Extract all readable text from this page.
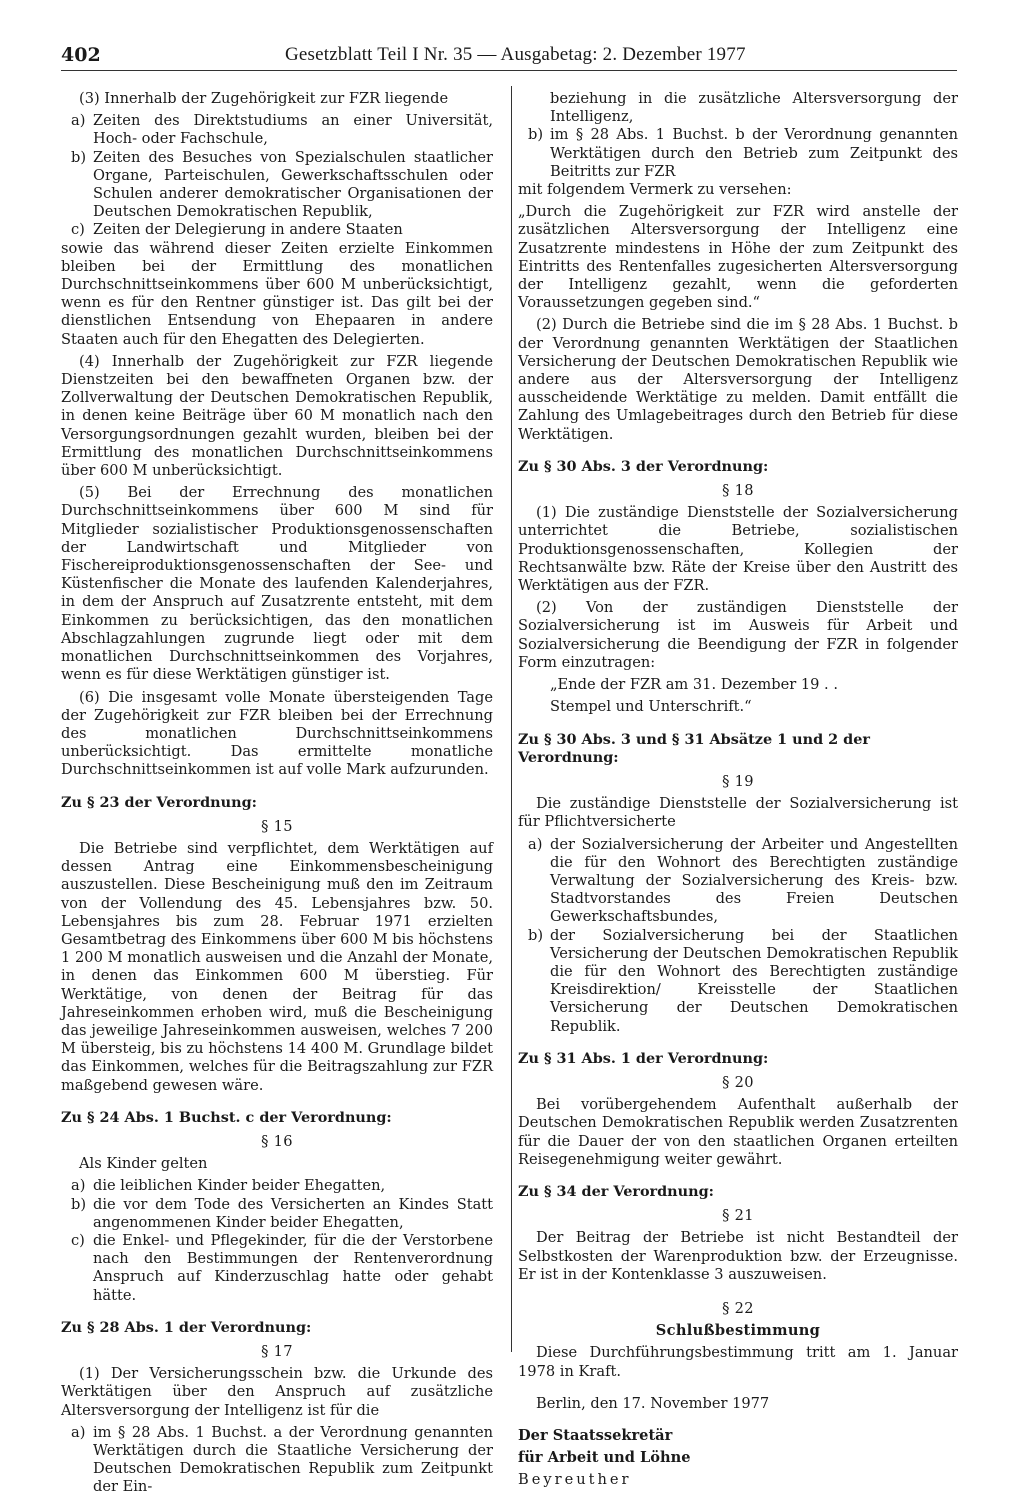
402	Gesetzblatt Teil I Nr. 35 — Ausgabetag: 2. Dezember 1977

(3) Innerhalb der Zugehörigkeit zur FZR liegende

a) Zeiten des Direktstudiums an einer Universität, Hoch- oder Fachschule,
b) Zeiten des Besuches von Spezialschulen staatlicher Organe, Parteischulen, Gewerkschaftsschulen oder Schulen anderer demokratischer Organisationen der Deutschen Demokratischen Republik,
c) Zeiten der Delegierung in andere Staaten

sowie das während dieser Zeiten erzielte Einkommen bleiben bei der Ermittlung des monatlichen Durchschnittseinkommens über 600 M unberücksichtigt, wenn es für den Rentner günstiger ist. Das gilt bei der dienstlichen Entsendung von Ehepaaren in andere Staaten auch für den Ehegatten des Delegierten.

(4) Innerhalb der Zugehörigkeit zur FZR liegende Dienstzeiten bei den bewaffneten Organen bzw. der Zollverwaltung der Deutschen Demokratischen Republik, in denen keine Beiträge über 60 M monatlich nach den Versorgungsordnungen gezahlt wurden, bleiben bei der Ermittlung des monatlichen Durchschnittseinkommens über 600 M unberücksichtigt.

(5) Bei der Errechnung des monatlichen Durchschnittseinkommens über 600 M sind für Mitglieder sozialistischer Produktionsgenossenschaften der Landwirtschaft und Mitglieder von Fischereiproduktionsgenossenschaften der See- und Küstenfischer die Monate des laufenden Kalenderjahres, in dem der Anspruch auf Zusatzrente entsteht, mit dem Einkommen zu berücksichtigen, das den monatlichen Abschlagzahlungen zugrunde liegt oder mit dem monatlichen Durchschnittseinkommen des Vorjahres, wenn es für diese Werktätigen günstiger ist.

(6) Die insgesamt volle Monate übersteigenden Tage der Zugehörigkeit zur FZR bleiben bei der Errechnung des monatlichen Durchschnittseinkommens unberücksichtigt. Das ermittelte monatliche Durchschnittseinkommen ist auf volle Mark aufzurunden.

Zu § 23 der Verordnung:
§ 15

Die Betriebe sind verpflichtet, dem Werktätigen auf dessen Antrag eine Einkommensbescheinigung auszustellen. Diese Bescheinigung muß den im Zeitraum von der Vollendung des 45. Lebensjahres bzw. 50. Lebensjahres bis zum 28. Februar 1971 erzielten Gesamtbetrag des Einkommens über 600 M bis höchstens 1 200 M monatlich ausweisen und die Anzahl der Monate, in denen das Einkommen 600 M überstieg. Für Werktätige, von denen der Beitrag für das Jahreseinkommen erhoben wird, muß die Bescheinigung das jeweilige Jahreseinkommen ausweisen, welches 7 200 M übersteig, bis zu höchstens 14 400 M. Grundlage bildet das Einkommen, welches für die Beitragszahlung zur FZR maßgebend gewesen wäre.

Zu § 24 Abs. 1 Buchst. c der Verordnung:
§ 16

Als Kinder gelten

a) die leiblichen Kinder beider Ehegatten,
b) die vor dem Tode des Versicherten an Kindes Statt angenommenen Kinder beider Ehegatten,
c) die Enkel- und Pflegekinder, für die der Verstorbene nach den Bestimmungen der Rentenverordnung Anspruch auf Kinderzuschlag hatte oder gehabt hätte.
Zu § 28 Abs. 1 der Verordnung:
§ 17

(1) Der Versicherungsschein bzw. die Urkunde des Werktätigen über den Anspruch auf zusätzliche Altersversorgung der Intelligenz ist für die

a) im § 28 Abs. 1 Buchst. a der Verordnung genannten Werktätigen durch die Staatliche Versicherung der Deutschen Demokratischen Republik zum Zeitpunkt der Ein-
beziehung in die zusätzliche Altersversorgung der Intelligenz,
b) im § 28 Abs. 1 Buchst. b der Verordnung genannten Werktätigen durch den Betrieb zum Zeitpunkt des Beitritts zur FZR

mit folgendem Vermerk zu versehen:

„Durch die Zugehörigkeit zur FZR wird anstelle der zusätzlichen Altersversorgung der Intelligenz eine Zusatzrente mindestens in Höhe der zum Zeitpunkt des Eintritts des Rentenfalles zugesicherten Altersversorgung der Intelligenz gezahlt, wenn die geforderten Voraussetzungen gegeben sind.“

(2) Durch die Betriebe sind die im § 28 Abs. 1 Buchst. b der Verordnung genannten Werktätigen der Staatlichen Versicherung der Deutschen Demokratischen Republik wie andere aus der Altersversorgung der Intelligenz ausscheidende Werktätige zu melden. Damit entfällt die Zahlung des Umlagebeitrages durch den Betrieb für diese Werktätigen.

Zu § 30 Abs. 3 der Verordnung:
§ 18

(1) Die zuständige Dienststelle der Sozialversicherung unterrichtet die Betriebe, sozialistischen Produktionsgenossenschaften, Kollegien der Rechtsanwälte bzw. Räte der Kreise über den Austritt des Werktätigen aus der FZR.

(2) Von der zuständigen Dienststelle der Sozialversicherung ist im Ausweis für Arbeit und Sozialversicherung die Beendigung der FZR in folgender Form einzutragen:

„Ende der FZR am 31. Dezember 19 . .

Stempel und Unterschrift.“

Zu § 30 Abs. 3 und § 31 Absätze 1 und 2 der Verordnung:
§ 19

Die zuständige Dienststelle der Sozialversicherung ist für Pflichtversicherte

a) der Sozialversicherung der Arbeiter und Angestellten die für den Wohnort des Berechtigten zuständige Verwaltung der Sozialversicherung des Kreis- bzw. Stadtvorstandes des Freien Deutschen Gewerkschaftsbundes,
b) der Sozialversicherung bei der Staatlichen Versicherung der Deutschen Demokratischen Republik die für den Wohnort des Berechtigten zuständige Kreisdirektion/ Kreisstelle der Staatlichen Versicherung der Deutschen Demokratischen Republik.
Zu § 31 Abs. 1 der Verordnung:
§ 20

Bei vorübergehendem Aufenthalt außerhalb der Deutschen Demokratischen Republik werden Zusatzrenten für die Dauer der von den staatlichen Organen erteilten Reisegenehmigung weiter gewährt.

Zu § 34 der Verordnung:
§ 21

Der Beitrag der Betriebe ist nicht Bestandteil der Selbstkosten der Warenproduktion bzw. der Erzeugnisse. Er ist in der Kontenklasse 3 auszuweisen.

§ 22
Schlußbestimmung

Diese Durchführungsbestimmung tritt am 1. Januar 1978 in Kraft.

Berlin, den 17. November 1977

Der Staatssekretär

für Arbeit und Löhne

Beyreuther
